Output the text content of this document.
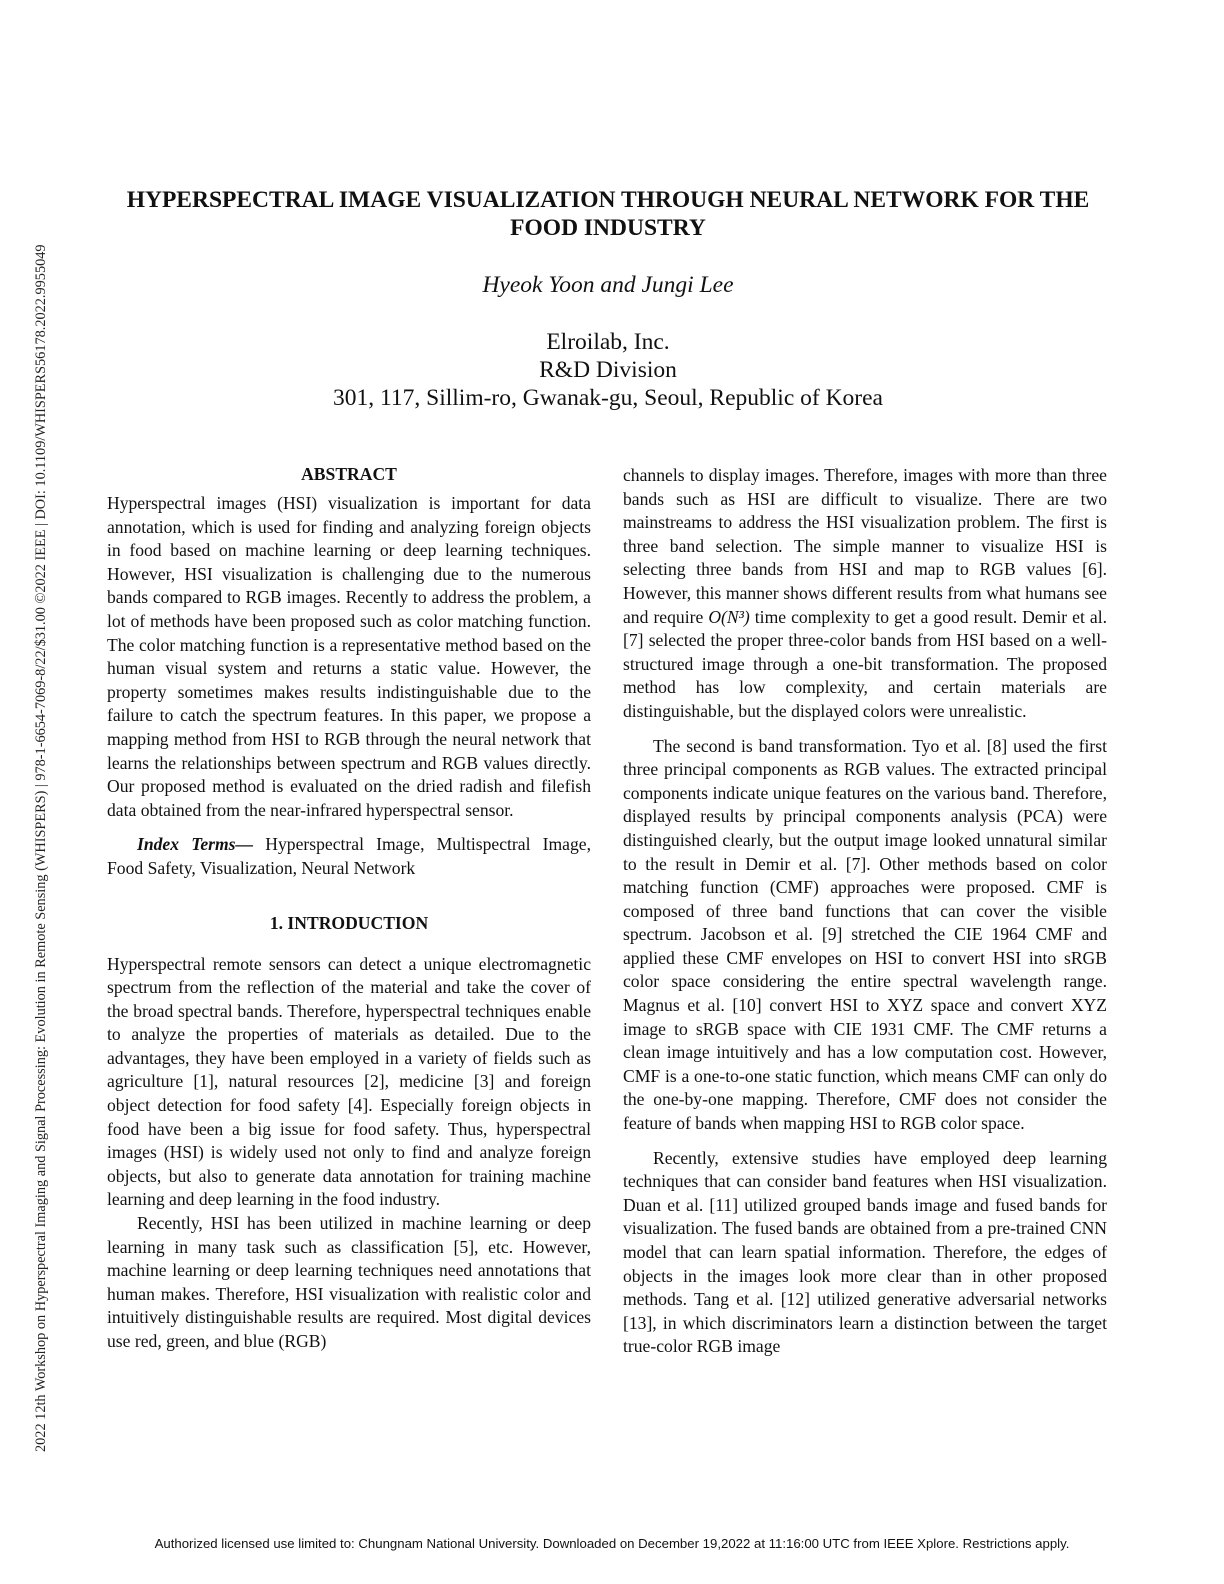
2022 12th Workshop on Hyperspectral Imaging and Signal Processing: Evolution in Remote Sensing (WHISPERS) | 978-1-6654-7069-8/22/$31.00 ©2022 IEEE | DOI: 10.1109/WHISPERS56178.2022.9955049
HYPERSPECTRAL IMAGE VISUALIZATION THROUGH NEURAL NETWORK FOR THE FOOD INDUSTRY

Hyeok Yoon and Jungi Lee

Elroilab, Inc.
R&D Division
301, 117, Sillim-ro, Gwanak-gu, Seoul, Republic of Korea
ABSTRACT

Hyperspectral images (HSI) visualization is important for data annotation, which is used for finding and analyzing foreign objects in food based on machine learning or deep learning techniques. However, HSI visualization is challenging due to the numerous bands compared to RGB images. Recently to address the problem, a lot of methods have been proposed such as color matching function. The color matching function is a representative method based on the human visual system and returns a static value. However, the property sometimes makes results indistinguishable due to the failure to catch the spectrum features. In this paper, we propose a mapping method from HSI to RGB through the neural network that learns the relationships between spectrum and RGB values directly. Our proposed method is evaluated on the dried radish and filefish data obtained from the near-infrared hyperspectral sensor.

Index Terms— Hyperspectral Image, Multispectral Image, Food Safety, Visualization, Neural Network

1. INTRODUCTION

Hyperspectral remote sensors can detect a unique electromagnetic spectrum from the reflection of the material and take the cover of the broad spectral bands. Therefore, hyperspectral techniques enable to analyze the properties of materials as detailed. Due to the advantages, they have been employed in a variety of fields such as agriculture [1], natural resources [2], medicine [3] and foreign object detection for food safety [4]. Especially foreign objects in food have been a big issue for food safety. Thus, hyperspectral images (HSI) is widely used not only to find and analyze foreign objects, but also to generate data annotation for training machine learning and deep learning in the food industry.

Recently, HSI has been utilized in machine learning or deep learning in many task such as classification [5], etc. However, machine learning or deep learning techniques need annotations that human makes. Therefore, HSI visualization with realistic color and intuitively distinguishable results are required. Most digital devices use red, green, and blue (RGB)

channels to display images. Therefore, images with more than three bands such as HSI are difficult to visualize. There are two mainstreams to address the HSI visualization problem. The first is three band selection. The simple manner to visualize HSI is selecting three bands from HSI and map to RGB values [6]. However, this manner shows different results from what humans see and require O(N³) time complexity to get a good result. Demir et al. [7] selected the proper three-color bands from HSI based on a well-structured image through a one-bit transformation. The proposed method has low complexity, and certain materials are distinguishable, but the displayed colors were unrealistic.

The second is band transformation. Tyo et al. [8] used the first three principal components as RGB values. The extracted principal components indicate unique features on the various band. Therefore, displayed results by principal components analysis (PCA) were distinguished clearly, but the output image looked unnatural similar to the result in Demir et al. [7]. Other methods based on color matching function (CMF) approaches were proposed. CMF is composed of three band functions that can cover the visible spectrum. Jacobson et al. [9] stretched the CIE 1964 CMF and applied these CMF envelopes on HSI to convert HSI into sRGB color space considering the entire spectral wavelength range. Magnus et al. [10] convert HSI to XYZ space and convert XYZ image to sRGB space with CIE 1931 CMF. The CMF returns a clean image intuitively and has a low computation cost. However, CMF is a one-to-one static function, which means CMF can only do the one-by-one mapping. Therefore, CMF does not consider the feature of bands when mapping HSI to RGB color space.

Recently, extensive studies have employed deep learning techniques that can consider band features when HSI visualization. Duan et al. [11] utilized grouped bands image and fused bands for visualization. The fused bands are obtained from a pre-trained CNN model that can learn spatial information. Therefore, the edges of objects in the images look more clear than in other proposed methods. Tang et al. [12] utilized generative adversarial networks [13], in which discriminators learn a distinction between the target true-color RGB image

Authorized licensed use limited to: Chungnam National University. Downloaded on December 19,2022 at 11:16:00 UTC from IEEE Xplore. Restrictions apply.
